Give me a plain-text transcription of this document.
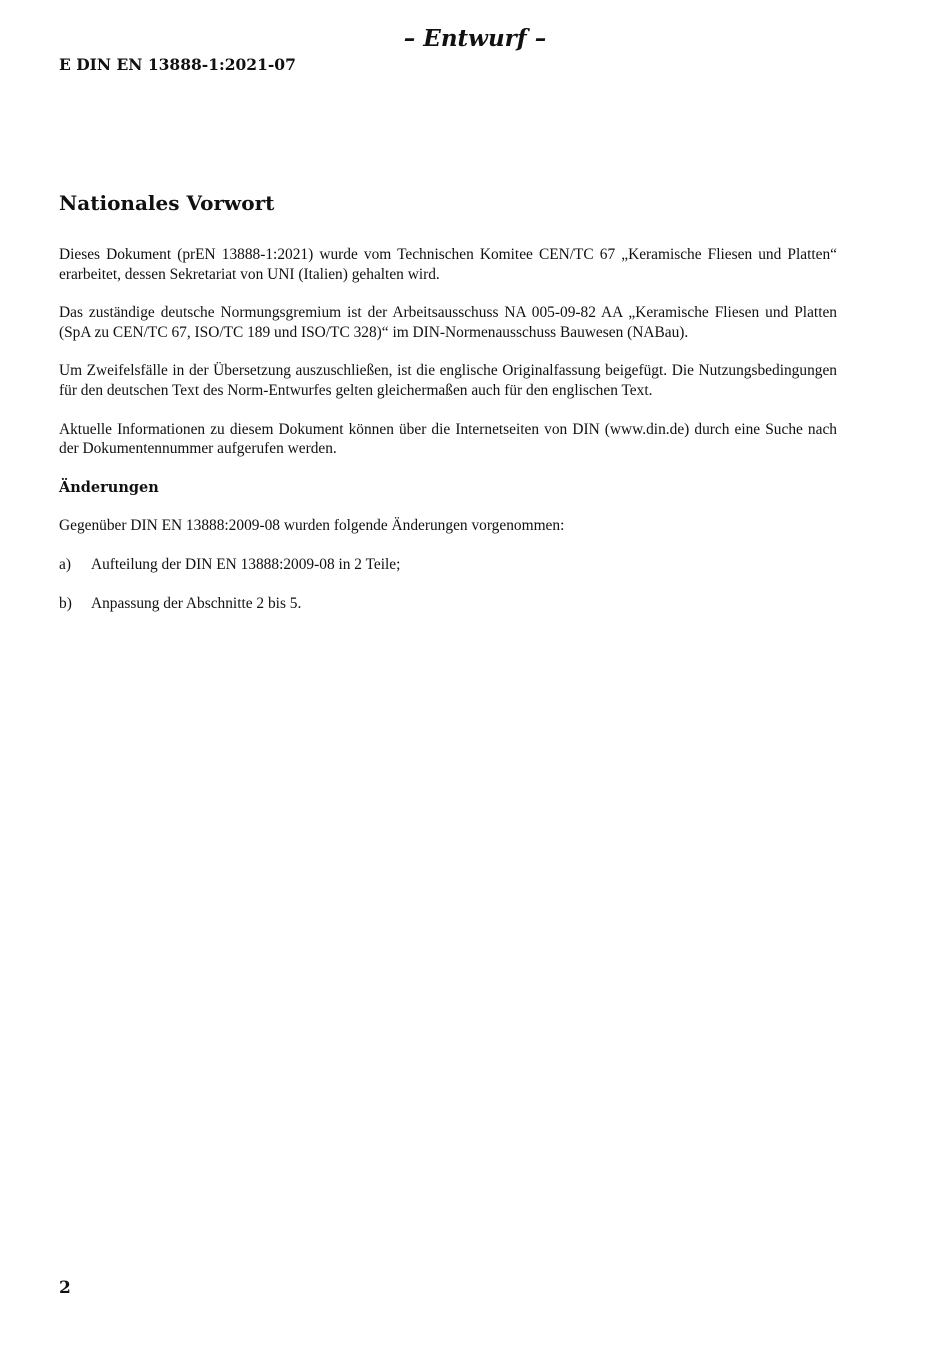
– Entwurf –
E DIN EN 13888-1:2021-07
Nationales Vorwort

Dieses Dokument (prEN 13888-1:2021) wurde vom Technischen Komitee CEN/TC 67 „Keramische Fliesen und Platten“ erarbeitet, dessen Sekretariat von UNI (Italien) gehalten wird.

Das zuständige deutsche Normungsgremium ist der Arbeitsausschuss NA 005-09-82 AA „Keramische Fliesen und Platten (SpA zu CEN/TC 67, ISO/TC 189 und ISO/TC 328)“ im DIN-Normenausschuss Bauwesen (NABau).

Um Zweifelsfälle in der Übersetzung auszuschließen, ist die englische Originalfassung beigefügt. Die Nutzungsbedingungen für den deutschen Text des Norm-Entwurfes gelten gleichermaßen auch für den englischen Text.

Aktuelle Informationen zu diesem Dokument können über die Internetseiten von DIN (www.din.de) durch eine Suche nach der Dokumentennummer aufgerufen werden.

Änderungen

Gegenüber DIN EN 13888:2009-08 wurden folgende Änderungen vorgenommen:

a)	Aufteilung der DIN EN 13888:2009-08 in 2 Teile;
b)	Anpassung der Abschnitte 2 bis 5.
2
